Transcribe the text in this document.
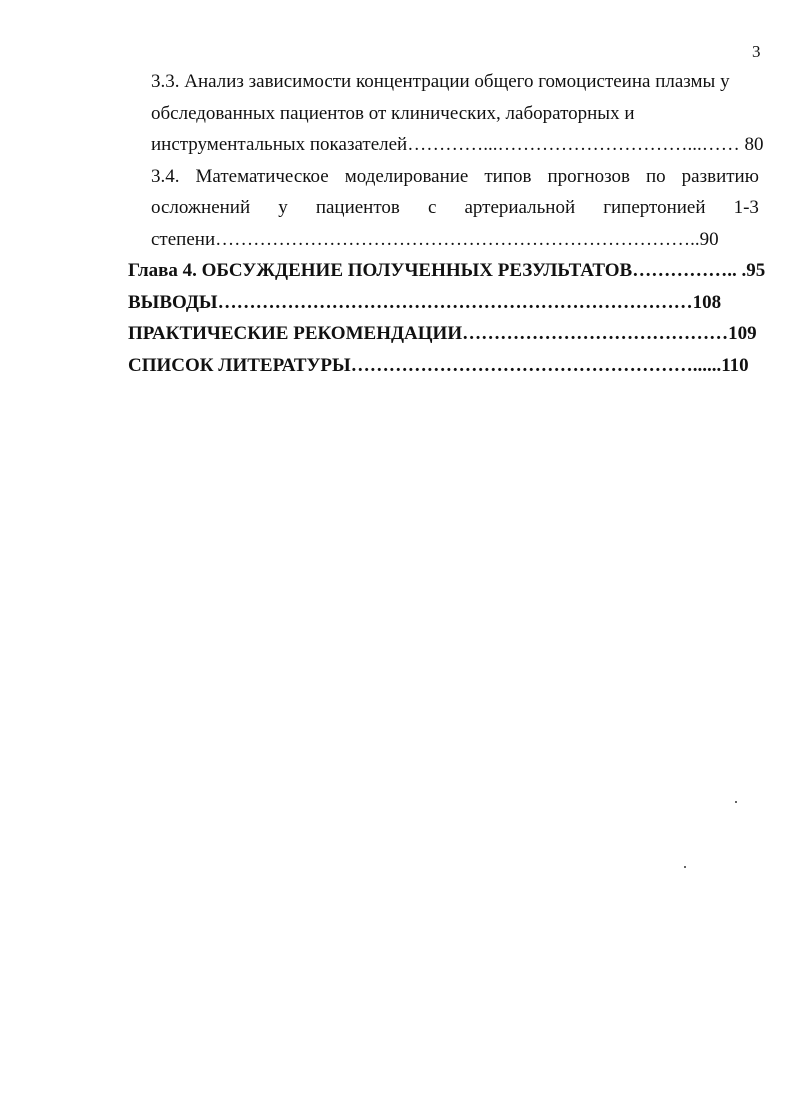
3
3.3. Анализ зависимости концентрации общего гомоцистеина плазмы у
обследованных пациентов от клинических, лабораторных и
инструментальных показателей…………...…………………………...…… 80
3.4. Математическое моделирование типов прогнозов по развитию
осложнений у пациентов с артериальной гипертонией 1-3
степени…………………………………………………………………..90
Глава 4. ОБСУЖДЕНИЕ ПОЛУЧЕННЫХ РЕЗУЛЬТАТОВ…………….. .95
ВЫВОДЫ…………………………………………………………………108
ПРАКТИЧЕСКИЕ РЕКОМЕНДАЦИИ……………………………………109
СПИСОК ЛИТЕРАТУРЫ………………………………………………......110
